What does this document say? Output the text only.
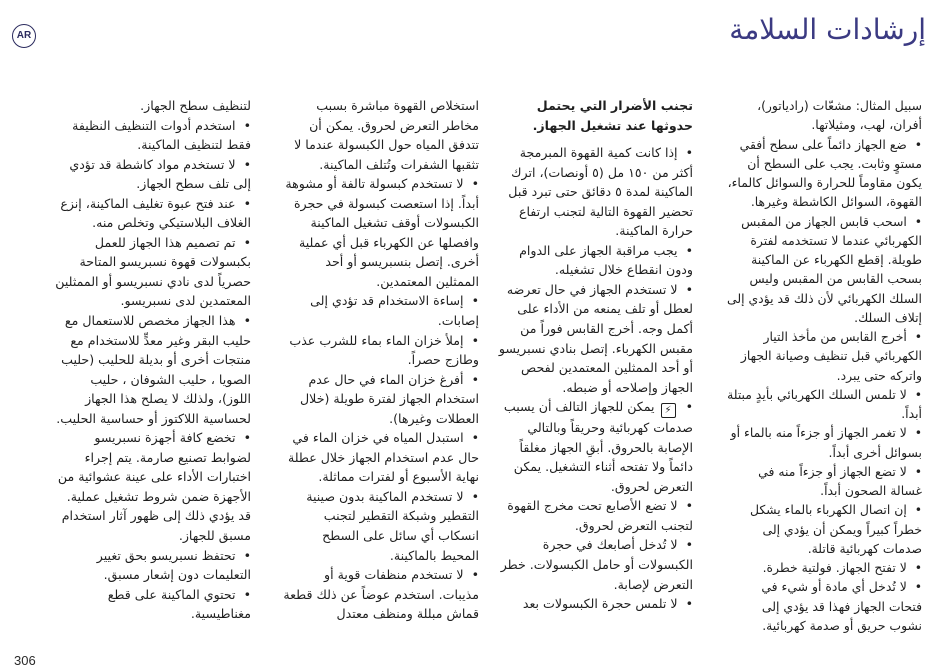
AR	إرشادات السلامة

سبيل المثال: مشعّات (رادياتور)، أفران، لهب، ومثيلاتها.

•  ضع الجهاز دائماً على سطح أفقي مستوٍ وثابت. يجب على السطح أن يكون مقاوماً للحرارة والسوائل كالماء، القهوة، السوائل الكاشطة وغيرها.

•  اسحب قابس الجهاز من المقبس الكهربائي عندما لا تستخدمه لفترة طويلة. إقطع الكهرباء عن الماكينة بسحب القابس من المقبس وليس السلك الكهربائي لأن ذلك قد يؤدي إلى إتلاف السلك.

•  أخرج القابس من مأخذ التيار الكهربائي قبل تنظيف وصيانة الجهاز واتركه حتى يبرد.

•  لا تلمس السلك الكهربائي بأيدٍ مبتلة أبداً.

•  لا تغمر الجهاز أو جزءاً منه بالماء أو بسوائل أخرى أبداً.

•  لا تضع الجهاز أو جزءاً منه في غسالة الصحون أبداً.

•  إن اتصال الكهرباء بالماء يشكل خطراً كبيراً ويمكن أن يؤدي إلى صدمات كهربائية قاتلة.

•  لا تفتح الجهاز. فولتية خطرة.

•  لا تُدخل أي مادة أو شيء في فتحات الجهاز فهذا قد يؤدي إلى نشوب حريق أو صدمة كهربائية.

تجنب الأضرار التي يحتمل حدوثها عند تشغيل الجهاز.

•  إذا كانت كمية القهوة المبرمجة أكثر من ١٥٠ مل (٥ أونصات)، اترك الماكينة لمدة ٥ دقائق حتى تبرد قبل تحضير القهوة التالية لتجنب ارتفاع حرارة الماكينة.

•  يجب مراقبة الجهاز على الدوام ودون انقطاع خلال تشغيله.

•  لا تستخدم الجهاز في حال تعرضه لعطل أو تلف يمنعه من الأداء على أكمل وجه. أخرج القابس فوراً من مقبس الكهرباء. إتصل بنادي نسبريسو أو أحد الممثلين المعتمدين لفحص الجهاز وإصلاحه أو ضبطه.

•  ⚡ يمكن للجهاز التالف أن يسبب صدمات كهربائية وحريقاً وبالتالي الإصابة بالحروق. أبقِ الجهاز مغلقاً دائماً ولا تفتحه أثناء التشغيل. يمكن التعرض لحروق.

•  لا تضع الأصابع تحت مخرج القهوة لتجنب التعرض لحروق.

•  لا تُدخل أصابعك في حجرة الكبسولات أو حامل الكبسولات. خطر التعرض لإصابة.

•  لا تلمس حجرة الكبسولات بعد

استخلاص القهوة مباشرة بسبب مخاطر التعرض لحروق. يمكن أن تتدفق المياه حول الكبسولة عندما لا تثقبها الشفرات وتُتلف الماكينة.

•  لا تستخدم كبسولة تالفة أو مشوهة أبداً. إذا استعصت كبسولة في حجرة الكبسولات أوقف تشغيل الماكينة وافصلها عن الكهرباء قبل أي عملية أخرى. إتصل بنسبريسو أو أحد الممثلين المعتمدين.

•  إساءة الاستخدام قد تؤدي إلى إصابات.

•  إملأ خزان الماء بماء للشرب عذب وطازج حصراً.

•  أفرغ خزان الماء في حال عدم استخدام الجهاز لفترة طويلة (خلال العطلات وغيرها).

•  استبدل المياه في خزان الماء في حال عدم استخدام الجهاز خلال عطلة نهاية الأسبوع أو لفترات مماثلة.

•  لا تستخدم الماكينة بدون صينية التقطير وشبكة التقطير لتجنب انسكاب أي سائل على السطح المحيط بالماكينة.

•  لا تستخدم منظفات قوية أو مذيبات. استخدم عوضاً عن ذلك قطعة قماش مبللة ومنظف معتدل

لتنظيف سطح الجهاز.

•  استخدم أدوات التنظيف النظيفة فقط لتنظيف الماكينة.

•  لا تستخدم مواد كاشطة قد تؤدي إلى تلف سطح الجهاز.

•  عند فتح عبوة تغليف الماكينة، إنزع الغلاف البلاستيكي وتخلص منه.

•  تم تصميم هذا الجهاز للعمل بكبسولات قهوة نسبريسو المتاحة حصرياً لدى نادي نسبريسو أو الممثلين المعتمدين لدى نسبريسو.

•  هذا الجهاز مخصص للاستعمال مع حليب البقر وغير معدٍّ للاستخدام مع منتجات أخرى أو بديلة للحليب (حليب الصويا ، حليب الشوفان ، حليب اللوز)، ولذلك لا يصلح هذا الجهاز لحساسية اللاكتوز أو حساسية الحليب.

•  تخضع كافة أجهزة نسبريسو لضوابط تصنيع صارمة. يتم إجراء اختبارات الأداء على عينة عشوائية من الأجهزة ضمن شروط تشغيل عملية. قد يؤدي ذلك إلى ظهور آثار استخدام مسبق للجهاز.

•  تحتفظ نسبريسو بحق تغيير التعليمات دون إشعار مسبق.

•  تحتوي الماكينة على قطع مغناطيسية.

306
